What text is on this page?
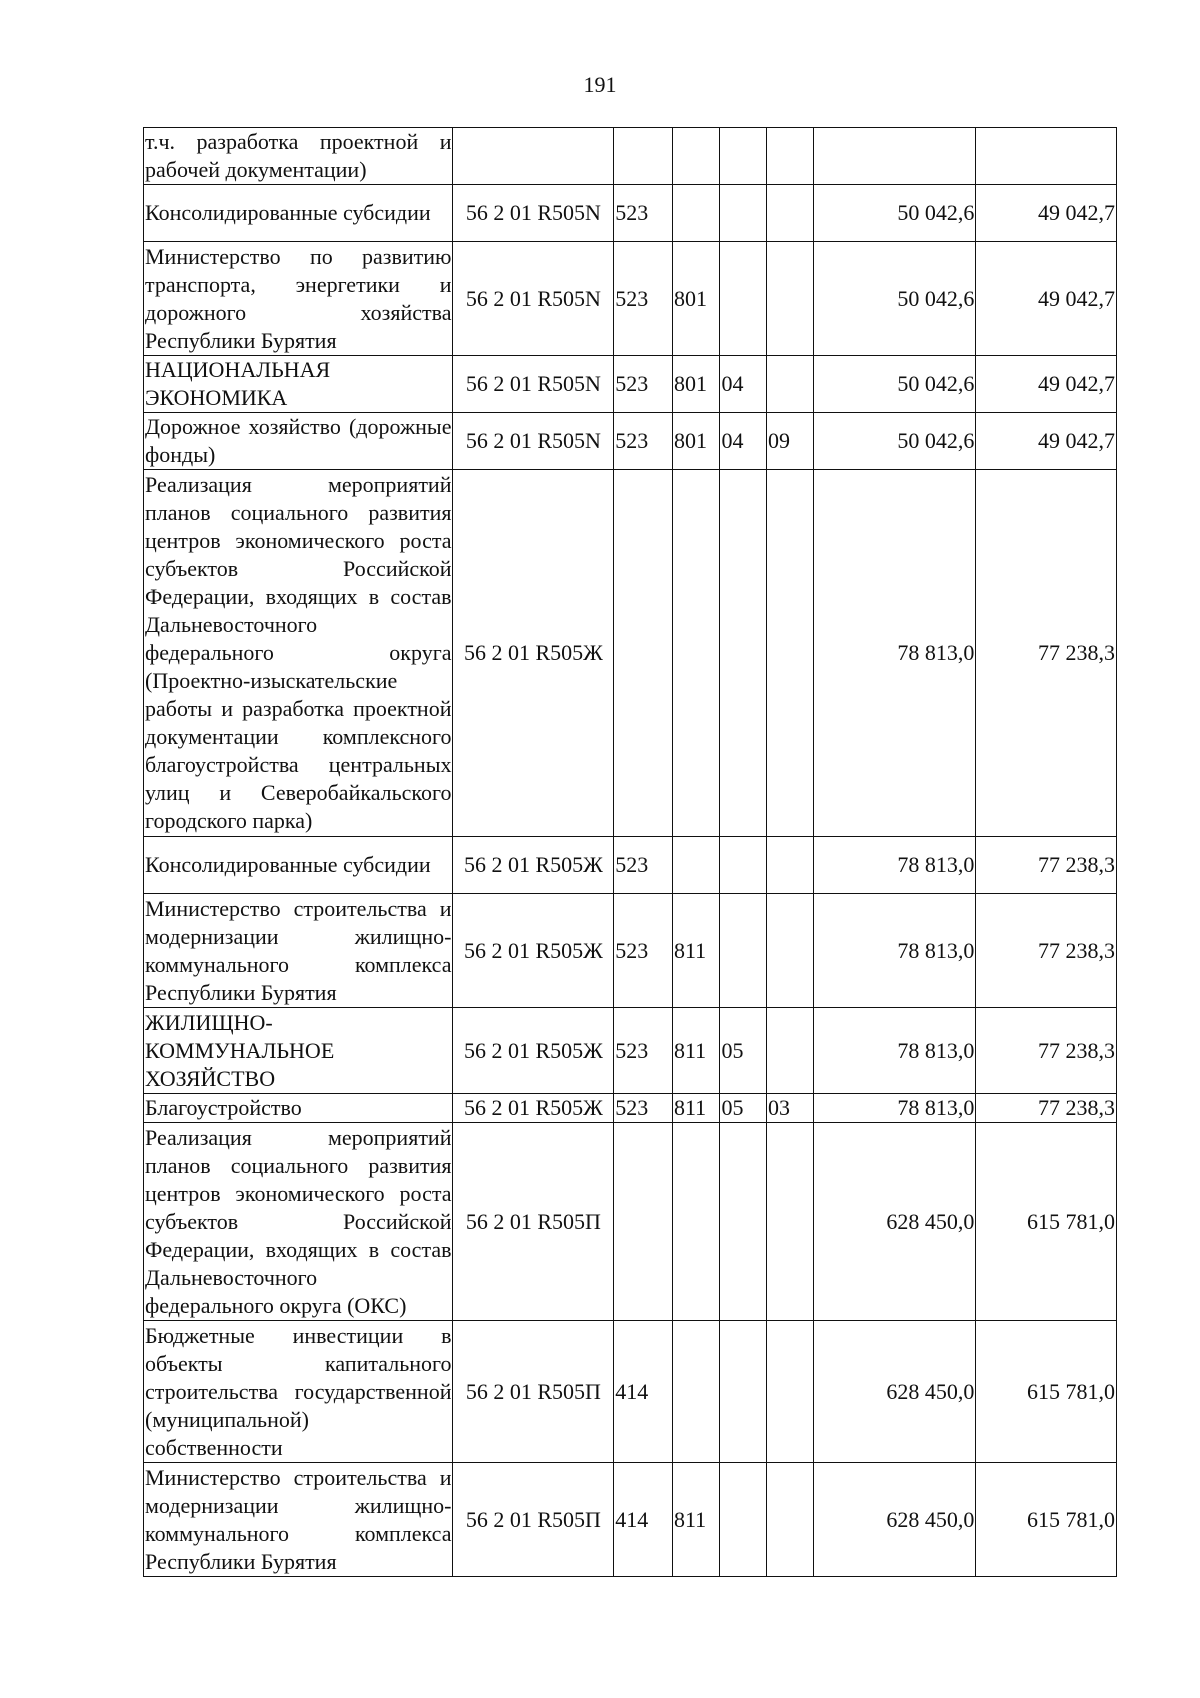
191
т.ч. разработка проектной и рабочей документации)							

Консолидированные субсидии	56 2 01 R505N	523				50 042,6	49 042,7

Министерство по развитию транспорта, энергетики и дорожного хозяйства Республики Бурятия	56 2 01 R505N	523	801			50 042,6	49 042,7

НАЦИОНАЛЬНАЯ ЭКОНОМИКА	56 2 01 R505N	523	801	04		50 042,6	49 042,7

Дорожное хозяйство (дорожные фонды)	56 2 01 R505N	523	801	04	09	50 042,6	49 042,7

Реализация мероприятий планов социального развития центров экономического роста субъектов Российской Федерации, входящих в состав Дальневосточного федерального округа (Проектно-изыскательские работы и разработка проектной документации комплексного благоустройства центральных улиц и Северобайкальского городского парка)	56 2 01 R505Ж					78 813,0	77 238,3

Консолидированные субсидии	56 2 01 R505Ж	523				78 813,0	77 238,3

Министерство строительства и модернизации жилищно-коммунального комплекса Республики Бурятия	56 2 01 R505Ж	523	811			78 813,0	77 238,3

ЖИЛИЩНО-КОММУНАЛЬНОЕ ХОЗЯЙСТВО	56 2 01 R505Ж	523	811	05		78 813,0	77 238,3

Благоустройство	56 2 01 R505Ж	523	811	05	03	78 813,0	77 238,3

Реализация мероприятий планов социального развития центров экономического роста субъектов Российской Федерации, входящих в состав Дальневосточного федерального округа (ОКС)	56 2 01 R505П					628 450,0	615 781,0

Бюджетные инвестиции в объекты капитального строительства государственной (муниципальной) собственности	56 2 01 R505П	414				628 450,0	615 781,0

Министерство строительства и модернизации жилищно-коммунального комплекса Республики Бурятия	56 2 01 R505П	414	811			628 450,0	615 781,0
